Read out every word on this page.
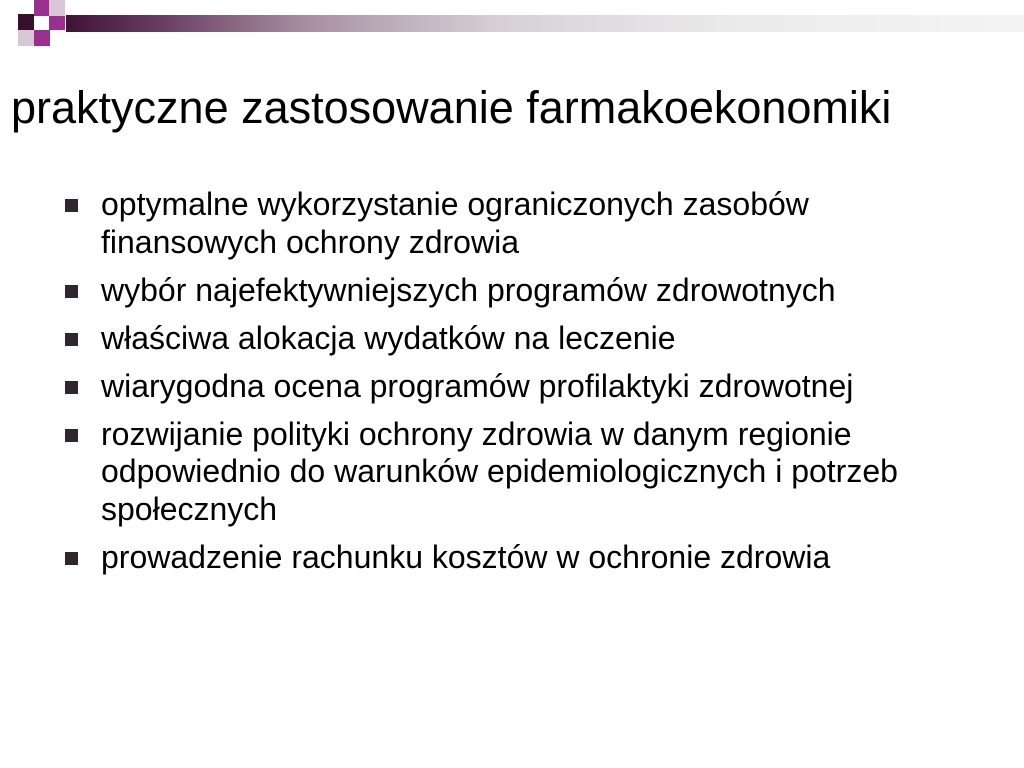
praktyczne zastosowanie farmakoekonomiki
optymalne wykorzystanie ograniczonych zasobów finansowych ochrony zdrowia
wybór najefektywniejszych programów zdrowotnych
właściwa alokacja wydatków na leczenie
wiarygodna ocena programów profilaktyki zdrowotnej
rozwijanie polityki ochrony zdrowia w danym regionie odpowiednio do warunków epidemiologicznych i potrzeb społecznych
prowadzenie rachunku kosztów w ochronie zdrowia
